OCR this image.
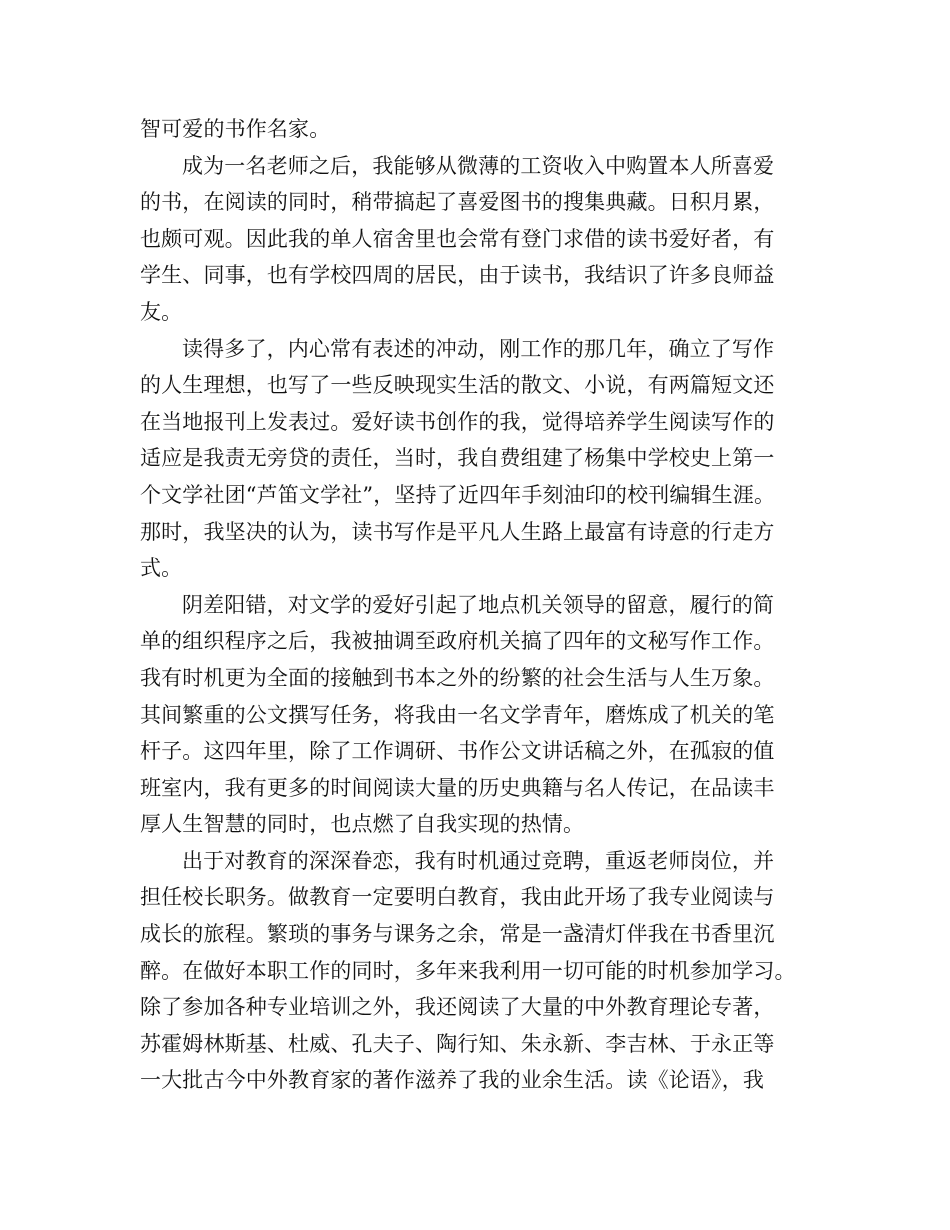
智可爱的书作名家。
成为一名老师之后，我能够从微薄的工资收入中购置本人所喜爱
的书，在阅读的同时，稍带搞起了喜爱图书的搜集典藏。日积月累，
也颇可观。因此我的单人宿舍里也会常有登门求借的读书爱好者，有
学生、同事，也有学校四周的居民，由于读书，我结识了许多良师益
友。
读得多了，内心常有表述的冲动，刚工作的那几年，确立了写作
的人生理想，也写了一些反映现实生活的散文、小说，有两篇短文还
在当地报刊上发表过。爱好读书创作的我，觉得培养学生阅读写作的
适应是我责无旁贷的责任，当时，我自费组建了杨集中学校史上第一
个文学社团“芦笛文学社”，坚持了近四年手刻油印的校刊编辑生涯。
那时，我坚决的认为，读书写作是平凡人生路上最富有诗意的行走方
式。
阴差阳错，对文学的爱好引起了地点机关领导的留意，履行的简
单的组织程序之后，我被抽调至政府机关搞了四年的文秘写作工作。
我有时机更为全面的接触到书本之外的纷繁的社会生活与人生万象。
其间繁重的公文撰写任务，将我由一名文学青年，磨炼成了机关的笔
杆子。这四年里，除了工作调研、书作公文讲话稿之外，在孤寂的值
班室内，我有更多的时间阅读大量的历史典籍与名人传记，在品读丰
厚人生智慧的同时，也点燃了自我实现的热情。
出于对教育的深深眷恋，我有时机通过竞聘，重返老师岗位，并
担任校长职务。做教育一定要明白教育，我由此开场了我专业阅读与
成长的旅程。繁琐的事务与课务之余，常是一盏清灯伴我在书香里沉
醉。在做好本职工作的同时，多年来我利用一切可能的时机参加学习。
除了参加各种专业培训之外，我还阅读了大量的中外教育理论专著，
苏霍姆林斯基、杜威、孔夫子、陶行知、朱永新、李吉林、于永正等
一大批古今中外教育家的著作滋养了我的业余生活。读《论语》，我
